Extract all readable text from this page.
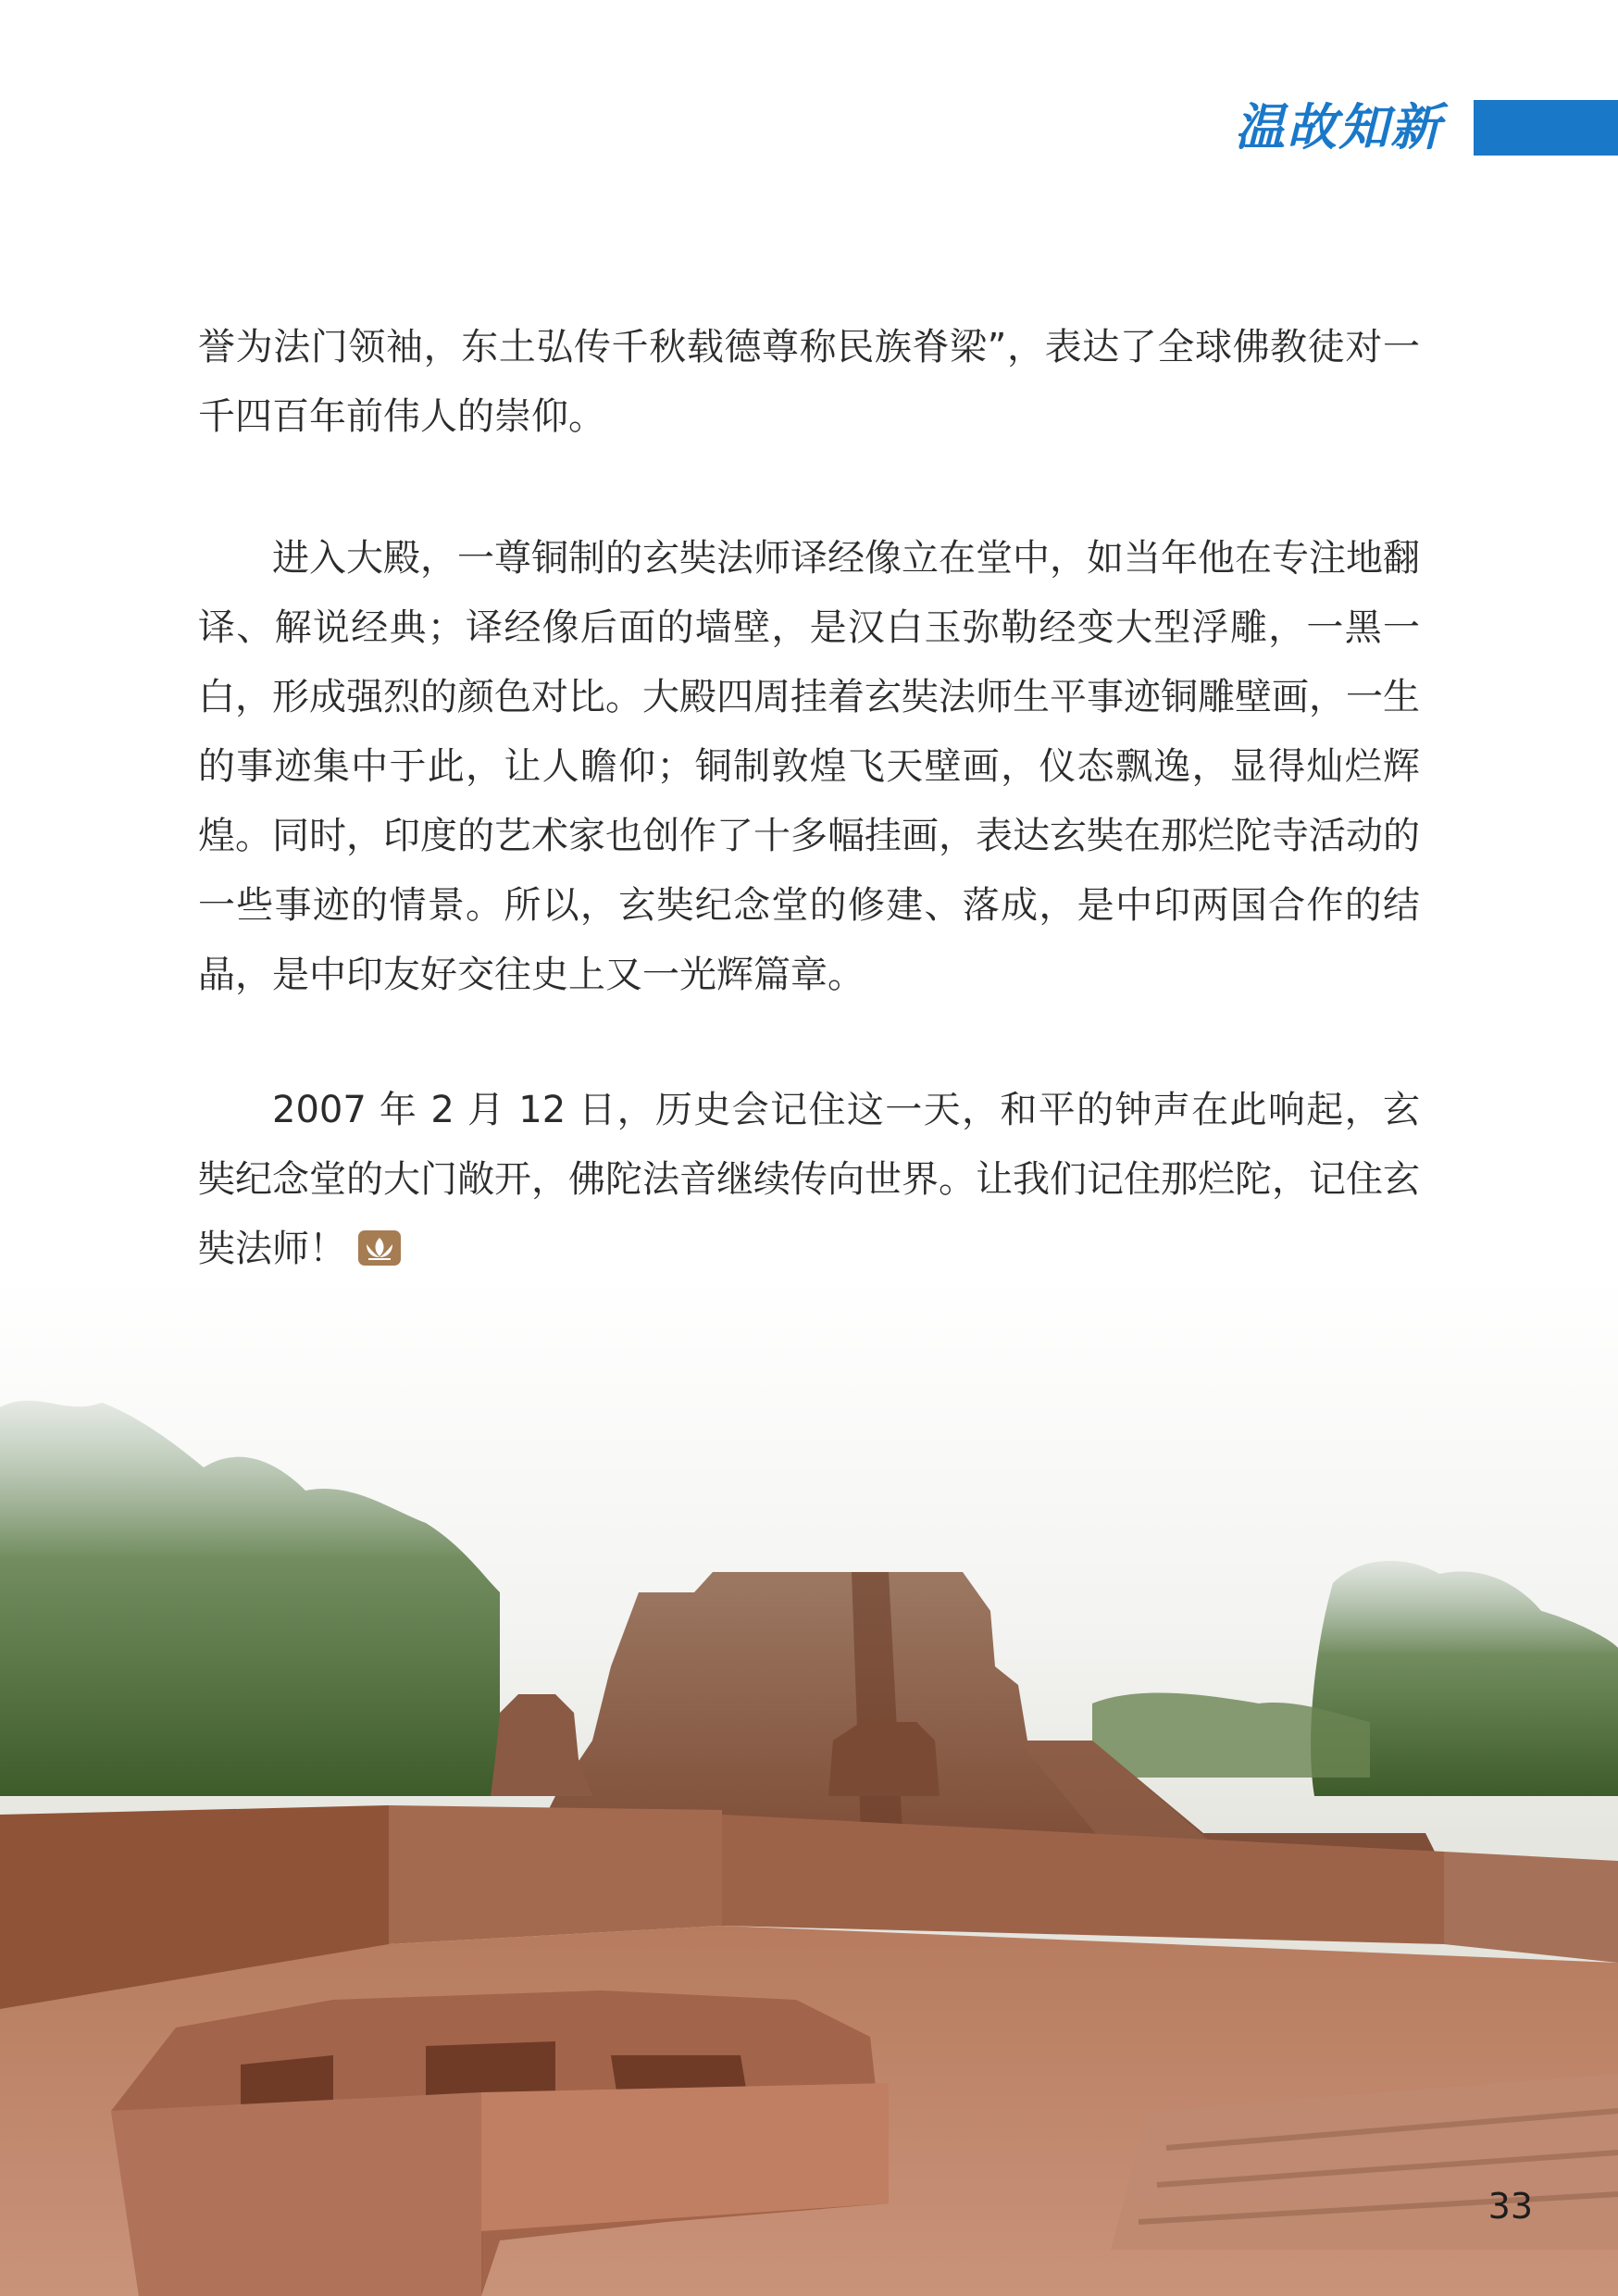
温故知新

誉为法门领袖，东土弘传千秋载德尊称民族脊梁”，表达了全球佛教徒对一千四百年前伟人的崇仰。

进入大殿，一尊铜制的玄奘法师译经像立在堂中，如当年他在专注地翻译、解说经典；译经像后面的墙壁，是汉白玉弥勒经变大型浮雕，一黑一白，形成强烈的颜色对比。大殿四周挂着玄奘法师生平事迹铜雕壁画，一生的事迹集中于此，让人瞻仰；铜制敦煌飞天壁画，仪态飘逸，显得灿烂辉煌。同时，印度的艺术家也创作了十多幅挂画，表达玄奘在那烂陀寺活动的一些事迹的情景。所以，玄奘纪念堂的修建、落成，是中印两国合作的结晶，是中印友好交往史上又一光辉篇章。

2007 年 2 月 12 日，历史会记住这一天，和平的钟声在此响起，玄奘纪念堂的大门敞开，佛陀法音继续传向世界。让我们记住那烂陀，记住玄奘法师！

33
